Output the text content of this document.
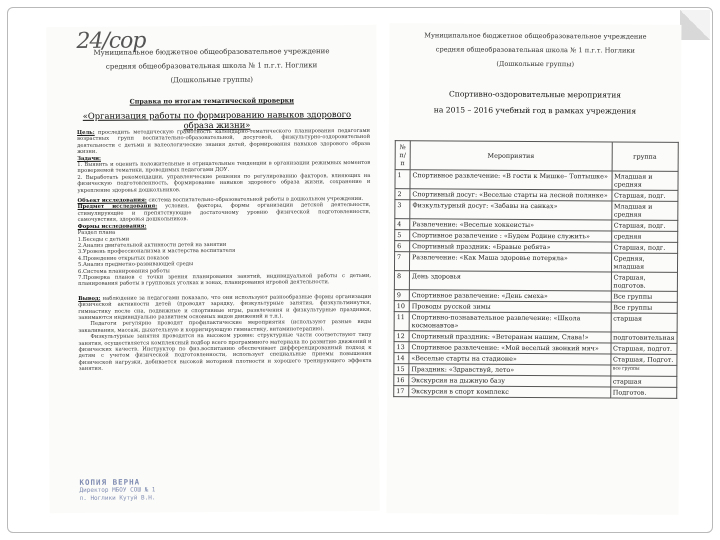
24/сор
Муниципальное бюджетное общеобразовательное учреждение
средняя общеобразовательная школа № 1 п.г.т. Ноглики
(Дошкольные группы)
Справка по итогам тематической проверки
«Организация работы по формированию навыков здорового образа жизни»
Цель: проследить методическую грамотность календарно-тематического планирования педагогами возрастных групп воспитательно-образовательной, досуговой, физкультурно-оздоровительной деятельности с детьми и валеологические знания детей, формирования навыков здорового образа жизни.
Задачи:
1. Выявить и оценить положительные и отрицательные тенденции в организации режимных моментов проверяемой тематики, проводимых педагогами ДОУ.
2. Выработать рекомендации, управленческие решения по регулированию факторов, влияющих на физическую подготовленность, формирование навыков здорового образа жизни, сохранение и укрепление здоровья дошкольников.
Объект исследования: система воспитательно-образовательной работы в дошкольном учреждении.
Предмет исследования: условия, факторы, формы организации детской деятельности, стимулирующие и препятствующие достаточному уровню физической подготовленности, самочувствия, здоровья дошкольников.
Формы исследования:
Раздел плана
1.Беседы с детьми
2.Анализ двигательной активности детей на занятии
3.Уровень профессионализма и мастерства воспитателя
4.Проведение открытых показов
5.Анализ предметно-развивающей среды
6.Система планирования работы
7.Проверка планов с точки зрения планирования занятий, индивидуальной работы с детьми, планирования работы в групповых уголках и зонах, планирования игровой деятельности.
Вывод: наблюдение за педагогами показало, что они используют разнообразные формы организации физической активности детей (проводят зарядку, физкультурные занятия, физкультминутки, гимнастику после сна, подвижные и спортивные игры, развлечения и физкультурные праздники, занимаются индивидуально развитием основных видов движений и т.п.).
Педагоги регулярно проводят профилактические мероприятия (используют разные виды закаливания, массаж, дыхательную и корригирующую гимнастику, витаминотерапию).
Физкультурные занятия проводятся на высоком уровне: структурные части соответствуют типу занятия, осуществляется комплексный подбор всего программного материала по развитию движений и физических качеств. Инструктор по физ.воспитанию обеспечивает дифференцированный подход к детям с учетом физической подготовленности, использует специальные приемы повышения физической нагрузки, добивается высокой моторной плотности и хорошего тренирующего эффекта занятия.
КОПИЯ ВЕРНА
Директор МБОУ СОШ № 1
п. Ноглики Кутуй В.Н.
Муниципальное бюджетное общеобразовательное учреждение
средняя общеобразовательная школа № 1 п.г.т. Ноглики
(Дошкольные группы)
Спортивно-оздоровительные мероприятия
на 2015 – 2016 учебный год в рамках учреждения
№ п/п	Мероприятия	группа
1	Спортивное развлечение: «В гости к Мишке– Топтышке»	Младшая и средняя
2	Спортивный досуг: «Веселые старты на лесной полянке»	Старшая, подг.
3	Физкультурный досуг: «Забавы на санках»	Младшая и средняя
4	Развлечение: «Веселые хоккеисты»	Старшая, подг.
5	Спортивное развлечение : «Будем Родине служить»	средняя
6	Спортивный праздник: «Бравые ребята»	Старшая, подг.
7	Развлечение: «Как Маша здоровье потеряла»	Средняя, младшая
8	День здоровья	Старшая, подготов.
9	Спортивное развлечение: «День смеха»	Все группы
10	Проводы русской зимы	Все группы
11	Спортивно-познавательное развлечение: «Школа космонавтов»	старшая
12	Спортивный праздник: «Ветеранам нашим, Слава!»	подготовительная
13	Спортивное развлечение: «Мой веселый звонкий мяч»	Старшая, подгот.
14	«Веселые старты на стадионе»	Старшая, Подгот.
15	Праздник: «Здравствуй, лето»	все группы
16	Экскурсия на дыжную базу	старшая
17	Экскурсия в спорт комплекс	Подготов.
